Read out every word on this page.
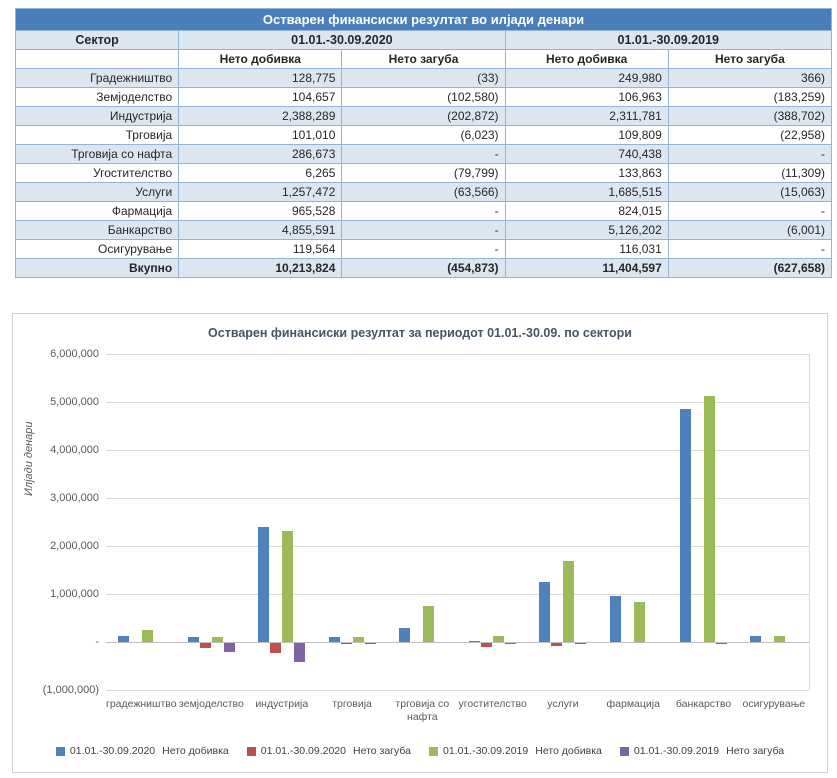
Остварен финансиски резултат во илјади денари				
Сектор	01.01.-30.09.2020		01.01.-30.09.2019	
	Нето добивка	Нето загуба	Нето добивка	Нето загуба
Градежништво	128,775	(33)	249,980	366)
Земјоделство	104,657	(102,580)	106,963	(183,259)
Индустрија	2,388,289	(202,872)	2,311,781	(388,702)
Трговија	101,010	(6,023)	109,809	(22,958)
Трговија со нафта	286,673	-	740,438	-
Угостителство	6,265	(79,799)	133,863	(11,309)
Услуги	1,257,472	(63,566)	1,685,515	(15,063)
Фармација	965,528	-	824,015	-
Банкарство	4,855,591	-	5,126,202	(6,001)
Осигурување	119,564	-	116,031	-
Вкупно	10,213,824	(454,873)	11,404,597	(627,658)
Остварен финансиски резултат за периодот 01.01.-30.09. по сектори
Илјади денари
01.01.-30.09.2020 Нето добивка	01.01.-30.09.2020 Нето загуба	01.01.-30.09.2019 Нето добивка	01.01.-30.09.2019 Нето загуба
(1,000,000)
-
1,000,000
2,000,000
3,000,000
4,000,000
5,000,000
6,000,000
градежништво земјоделство	индустрија	трговија	трговија со нафта
угостителство	услуги	фармација	банкарство	осигурување
